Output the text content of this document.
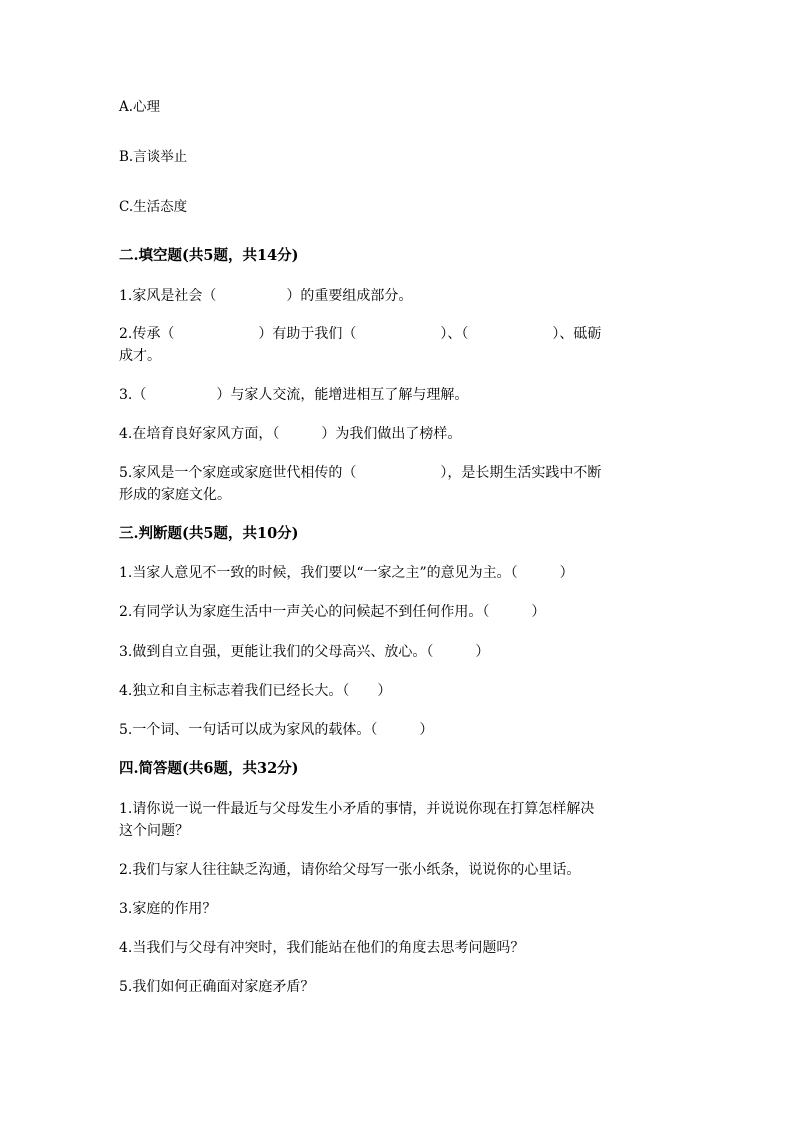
A.心理
B.言谈举止
C.生活态度
二.填空题(共5题，共14分)
1.家风是社会（　　　　　）的重要组成部分。
2.传承（　　　　　　）有助于我们（　　　　　　）、（　　　　　　）、砥砺
成才。
3.（　　　　　）与家人交流，能增进相互了解与理解。
4.在培育良好家风方面，（　　　）为我们做出了榜样。
5.家风是一个家庭或家庭世代相传的（　　　　　　），是长期生活实践中不断
形成的家庭文化。
三.判断题(共5题，共10分)
1.当家人意见不一致的时候，我们要以“一家之主”的意见为主。（　　　）
2.有同学认为家庭生活中一声关心的问候起不到任何作用。（　　　）
3.做到自立自强，更能让我们的父母高兴、放心。（　　　）
4.独立和自主标志着我们已经长大。（　　）
5.一个词、一句话可以成为家风的载体。（　　　）
四.简答题(共6题，共32分)
1.请你说一说一件最近与父母发生小矛盾的事情，并说说你现在打算怎样解决
这个问题？
2.我们与家人往往缺乏沟通，请你给父母写一张小纸条，说说你的心里话。
3.家庭的作用？
4.当我们与父母有冲突时，我们能站在他们的角度去思考问题吗？
5.我们如何正确面对家庭矛盾？
